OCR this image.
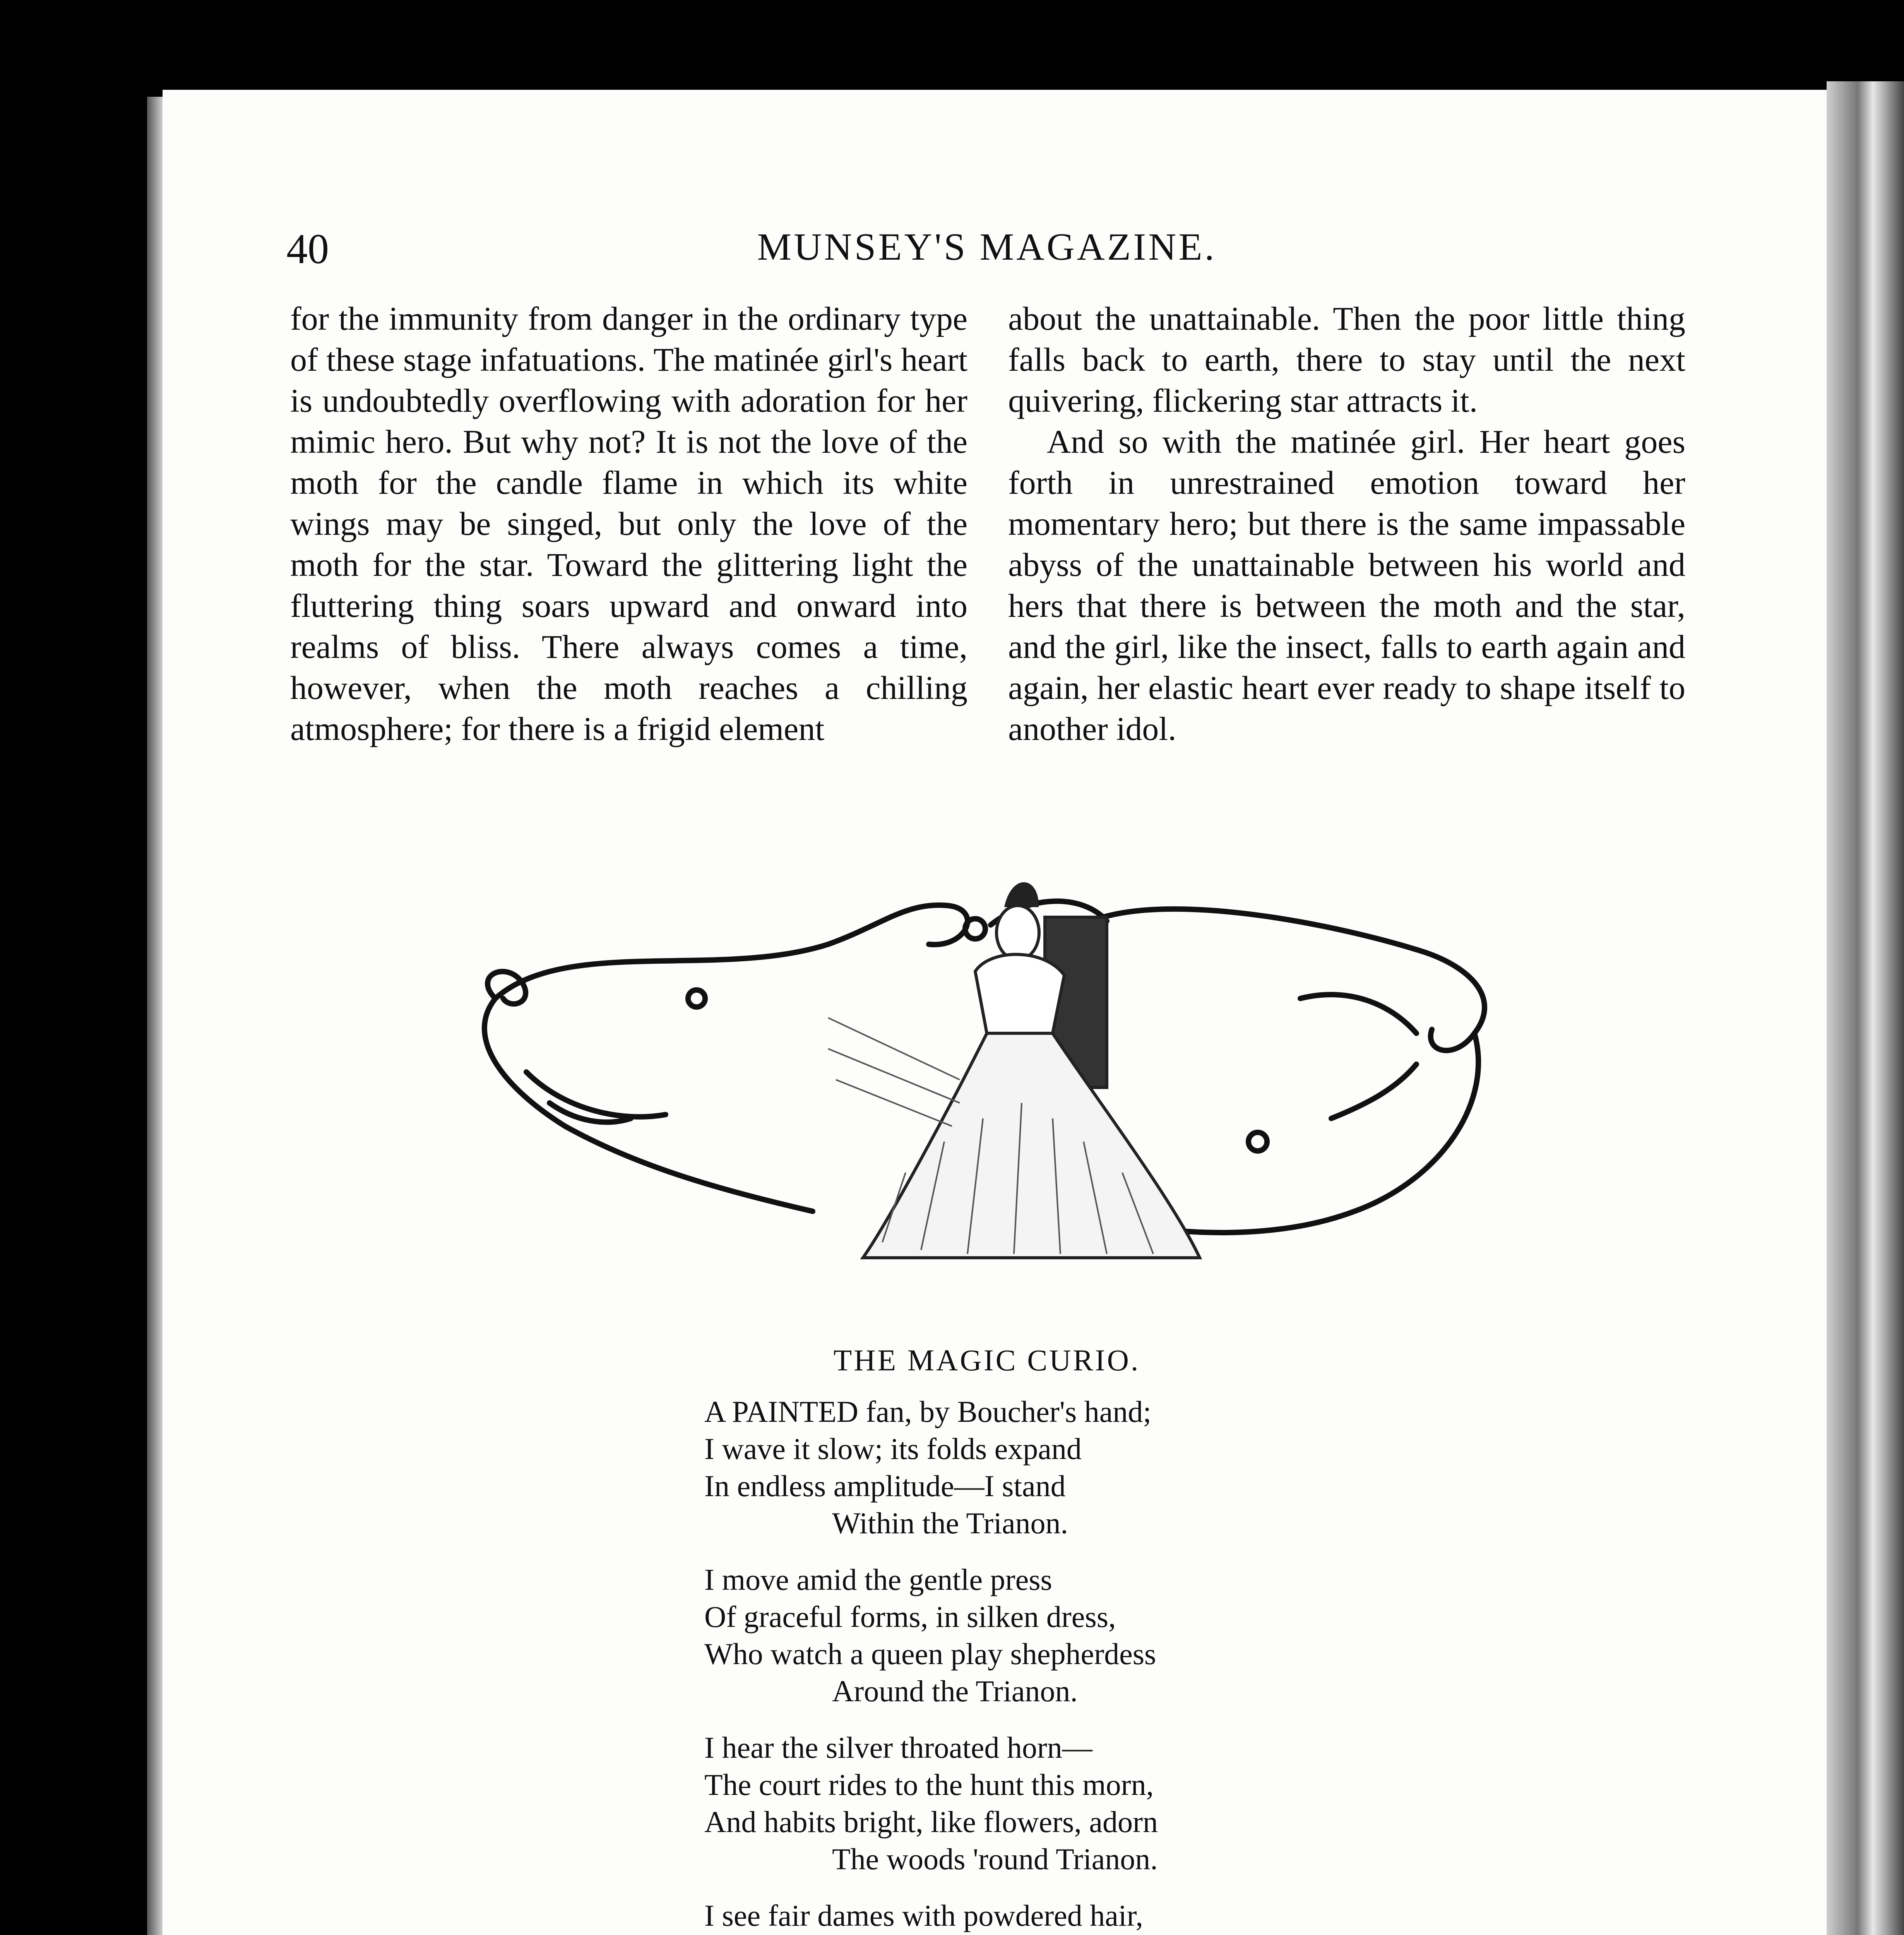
40	MUNSEY'S MAGAZINE.

for the immunity from danger in the ordinary type of these stage infatuations. The matinée girl's heart is undoubtedly overflowing with adoration for her mimic hero. But why not? It is not the love of the moth for the candle flame in which its white wings may be singed, but only the love of the moth for the star. Toward the glittering light the fluttering thing soars upward and onward into realms of bliss. There always comes a time, however, when the moth reaches a chilling atmosphere; for there is a frigid element

about the unattainable. Then the poor little thing falls back to earth, there to stay until the next quivering, flickering star attracts it.

And so with the matinée girl. Her heart goes forth in unrestrained emotion toward her momentary hero; but there is the same impassable abyss of the unattainable between his world and hers that there is between the moth and the star, and the girl, like the insect, falls to earth again and again, her elastic heart ever ready to shape itself to another idol.

THE MAGIC CURIO.
A PAINTED fan, by Boucher's hand;
I wave it slow; its folds expand
In endless amplitude—I stand
Within the Trianon.
I move amid the gentle press
Of graceful forms, in silken dress,
Who watch a queen play shepherdess
Around the Trianon.
I hear the silver throated horn—
The court rides to the hunt this morn,
And habits bright, like flowers, adorn
The woods 'round Trianon.
I see fair dames with powdered hair,
